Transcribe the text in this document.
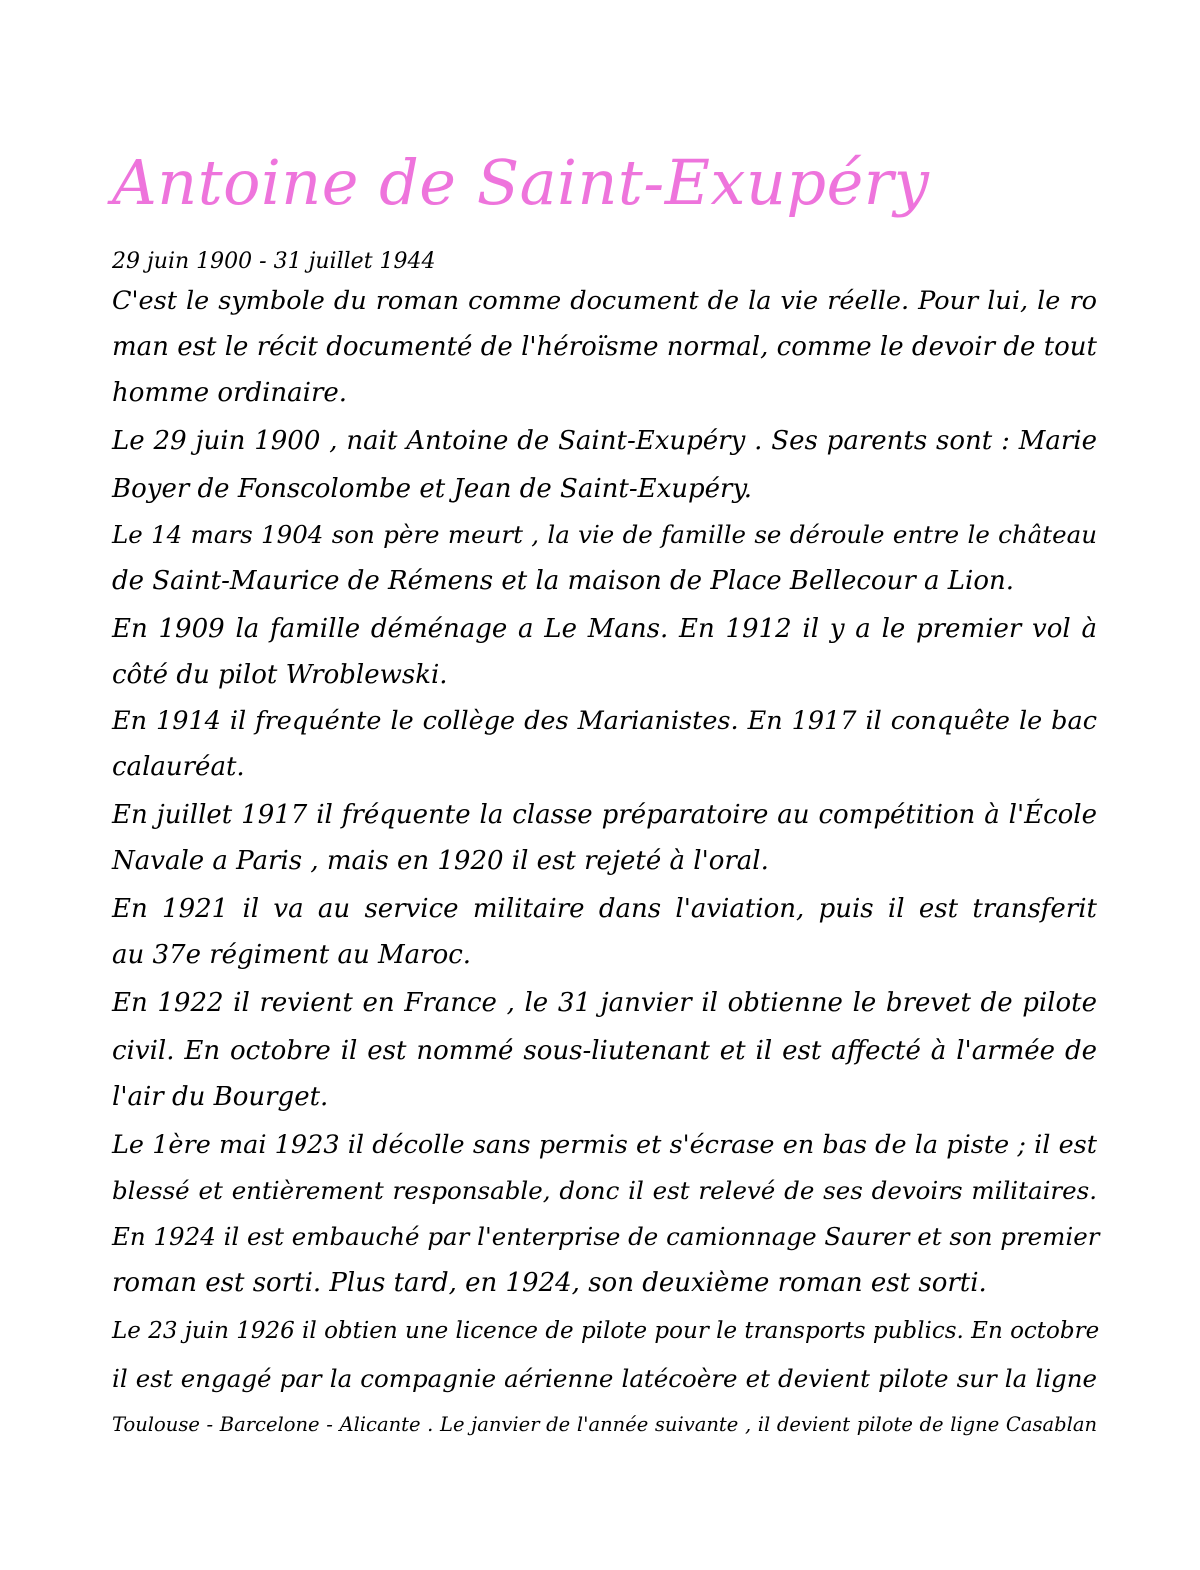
Antoine de Saint-Exupéry
29 juin 1900 - 31 juillet 1944
C'est le symbole du roman comme document de la vie réelle. Pour lui, le ro
man est le récit documenté de l'héroïsme normal, comme le devoir de tout
homme ordinaire.
Le 29 juin 1900 , nait Antoine de Saint-Exupéry . Ses parents sont : Marie
Boyer de Fonscolombe et Jean de Saint-Exupéry.
Le 14 mars 1904 son père meurt , la vie de famille se déroule entre le château
de Saint-Maurice de Rémens et la maison de Place Bellecour a Lion.
En 1909 la famille déménage a Le Mans. En 1912 il y a le premier vol à
côté du pilot Wroblewski.
En 1914 il frequénte le collège des Marianistes. En 1917 il conquête le bac
calauréat.
En juillet 1917 il fréquente la classe préparatoire au compétition à l'École
Navale a Paris , mais en 1920 il est rejeté à l'oral.
En 1921 il va au service militaire dans l'aviation, puis il est transferit
au 37e régiment au Maroc.
En 1922 il revient en France , le 31 janvier il obtienne le brevet de pilote
civil. En octobre il est nommé sous-liutenant et il est affecté à l'armée de
l'air du Bourget.
Le 1ère mai 1923 il décolle sans permis et s'écrase en bas de la piste ; il est
blessé et entièrement responsable, donc il est relevé de ses devoirs militaires.
En 1924 il est embauché par l'enterprise de camionnage Saurer et son premier
roman est sorti. Plus tard, en 1924, son deuxième roman est sorti.
Le 23 juin 1926 il obtien une licence de pilote pour le transports publics. En octobre
il est engagé par la compagnie aérienne latécoère et devient pilote sur la ligne
Toulouse - Barcelone - Alicante . Le janvier de l'année suivante , il devient pilote de ligne Casablan
